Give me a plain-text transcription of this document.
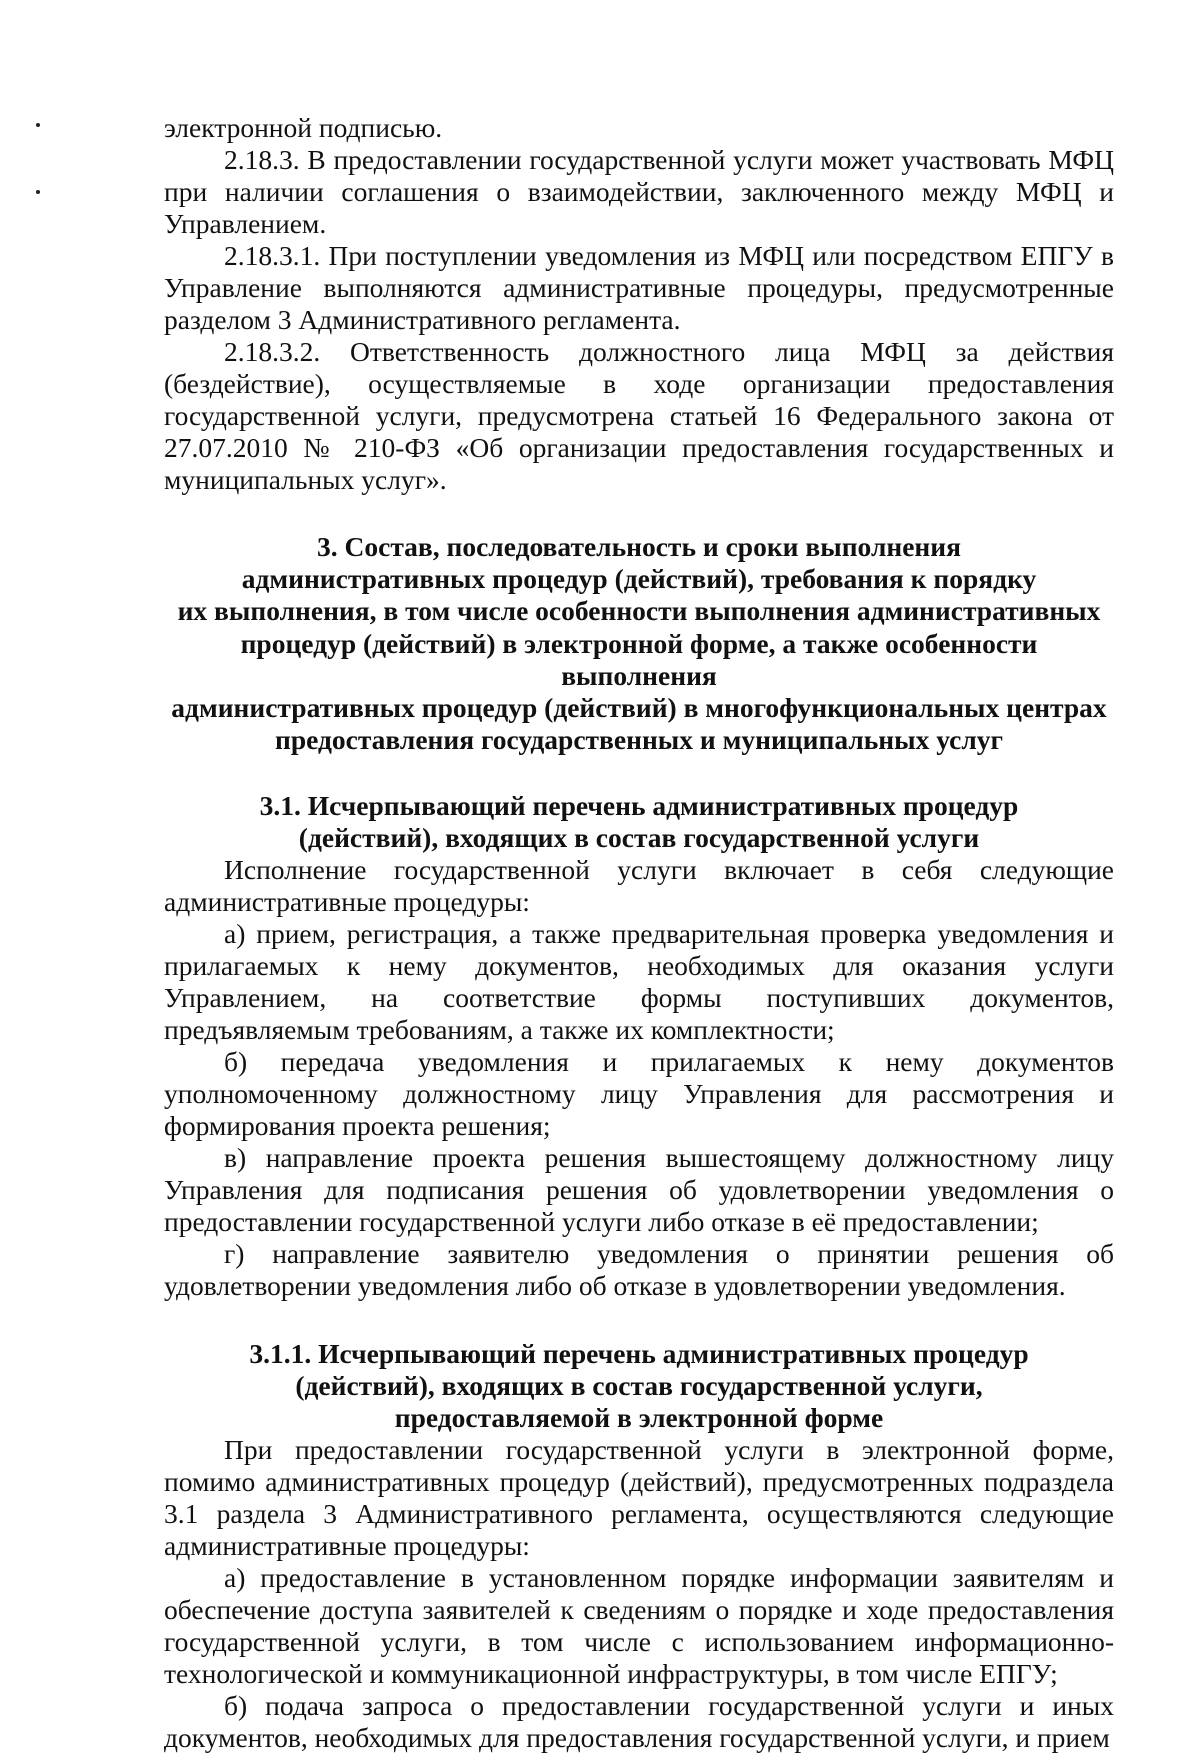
электронной подписью.

2.18.3. В предоставлении государственной услуги может участвовать МФЦ при наличии соглашения о взаимодействии, заключенного между МФЦ и Управлением.

2.18.3.1. При поступлении уведомления из МФЦ или посредством ЕПГУ в Управление выполняются административные процедуры, предусмотренные разделом 3 Административного регламента.

2.18.3.2. Ответственность должностного лица МФЦ за действия (бездействие), осуществляемые в ходе организации предоставления государственной услуги, предусмотрена статьей 16 Федерального закона от 27.07.2010 № 210-ФЗ «Об организации предоставления государственных и муниципальных услуг».

3. Состав, последовательность и сроки выполнения
административных процедур (действий), требования к порядку
их выполнения, в том числе особенности выполнения административных
процедур (действий) в электронной форме, а также особенности выполнения
административных процедур (действий) в многофункциональных центрах
предоставления государственных и муниципальных услуг
3.1. Исчерпывающий перечень административных процедур
(действий), входящих в состав государственной услуги

Исполнение государственной услуги включает в себя следующие административные процедуры:

а) прием, регистрация, а также предварительная проверка уведомления и прилагаемых к нему документов, необходимых для оказания услуги Управлением, на соответствие формы поступивших документов, предъявляемым требованиям, а также их комплектности;

б) передача уведомления и прилагаемых к нему документов уполномоченному должностному лицу Управления для рассмотрения и формирования проекта решения;

в) направление проекта решения вышестоящему должностному лицу Управления для подписания решения об удовлетворении уведомления о предоставлении государственной услуги либо отказе в её предоставлении;

г) направление заявителю уведомления о принятии решения об удовлетворении уведомления либо об отказе в удовлетворении уведомления.

3.1.1. Исчерпывающий перечень административных процедур
(действий), входящих в состав государственной услуги,
предоставляемой в электронной форме

При предоставлении государственной услуги в электронной форме, помимо административных процедур (действий), предусмотренных подраздела 3.1 раздела 3 Административного регламента, осуществляются следующие административные процедуры:

а) предоставление в установленном порядке информации заявителям и обеспечение доступа заявителей к сведениям о порядке и ходе предоставления государственной услуги, в том числе с использованием информационно-технологической и коммуникационной инфраструктуры, в том числе ЕПГУ;

б) подача запроса о предоставлении государственной услуги и иных документов, необходимых для предоставления государственной услуги, и прием
